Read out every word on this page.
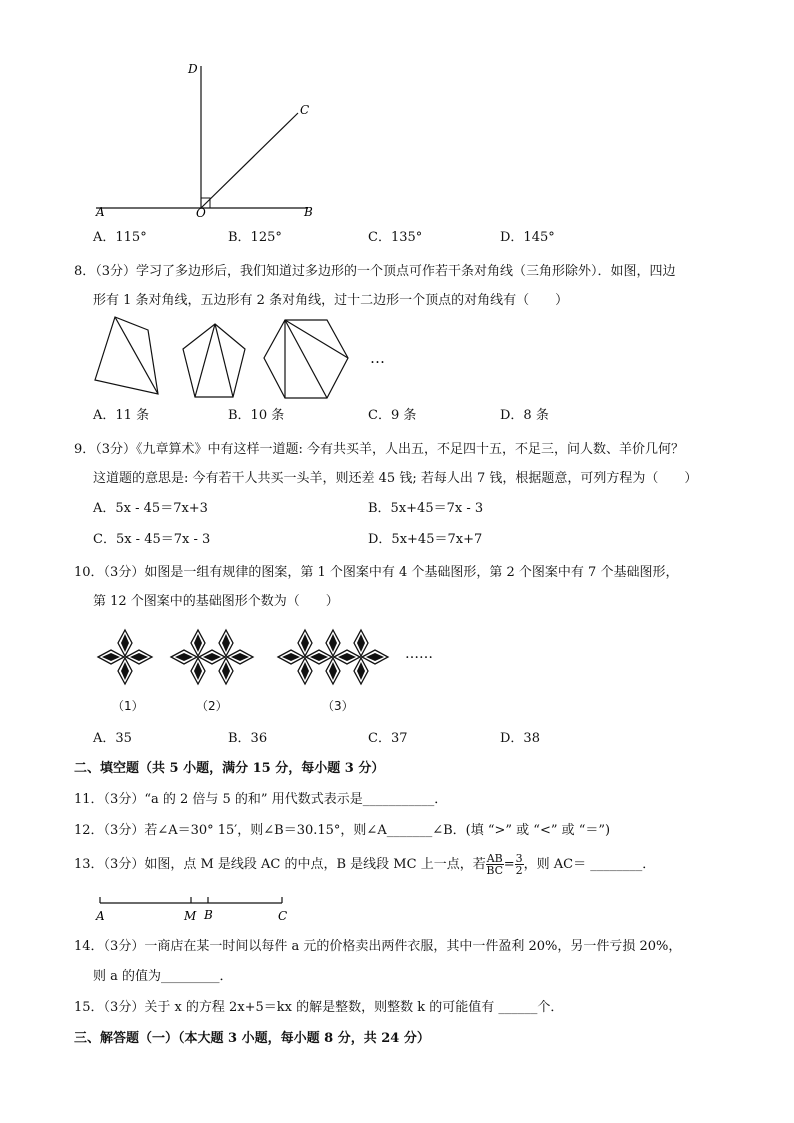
D
C
A	O	B
A．115°	B．125°	C．135°	D．145°
8．（3分）学习了多边形后，我们知道过多边形的一个顶点可作若干条对角线（三角形除外）．如图，四边
形有 1 条对角线，五边形有 2 条对角线，过十二边形一个顶点的对角线有（　　）
…
A．11 条	B．10 条	C．9 条	D．8 条
9．（3分）《九章算术》中有这样一道题: 今有共买羊，人出五，不足四十五，不足三，问人数、羊价几何？
这道题的意思是: 今有若干人共买一头羊，则还差 45 钱; 若每人出 7 钱，根据题意，可列方程为（　　）
A．5x - 45＝7x+3	B．5x+45＝7x - 3
C．5x - 45＝7x - 3	D．5x+45＝7x+7
10．（3分）如图是一组有规律的图案，第 1 个图案中有 4 个基础图形，第 2 个图案中有 7 个基础图形，
第 12 个图案中的基础图形个数为（　　）
……
（1）	（2）	（3）
A．35	B．36	C．37	D．38
二、填空题（共 5 小题，满分 15 分，每小题 3 分）
11．（3分）“a 的 2 倍与 5 的和” 用代数式表示是___________．
12．（3分）若∠A＝30° 15′，则∠B＝30.15°，则∠A_______∠B．(填 “>” 或 “<” 或 “＝”)
13．（3分）如图，点 M 是线段 AC 的中点，B 是线段 MC 上一点，若 $\frac{AB}{BC} = \frac{3}{2}$ ，则 AC＝ ________．
A	M B	C
14．（3分）一商店在某一时间以每件 a 元的价格卖出两件衣服，其中一件盈利 20%，另一件亏损 20%，
则 a 的值为_________．
15．（3分）关于 x 的方程 2x+5＝kx 的解是整数，则整数 k 的可能值有 ______个．
三、解答题（一）（本大题 3 小题，每小题 8 分，共 24 分）
